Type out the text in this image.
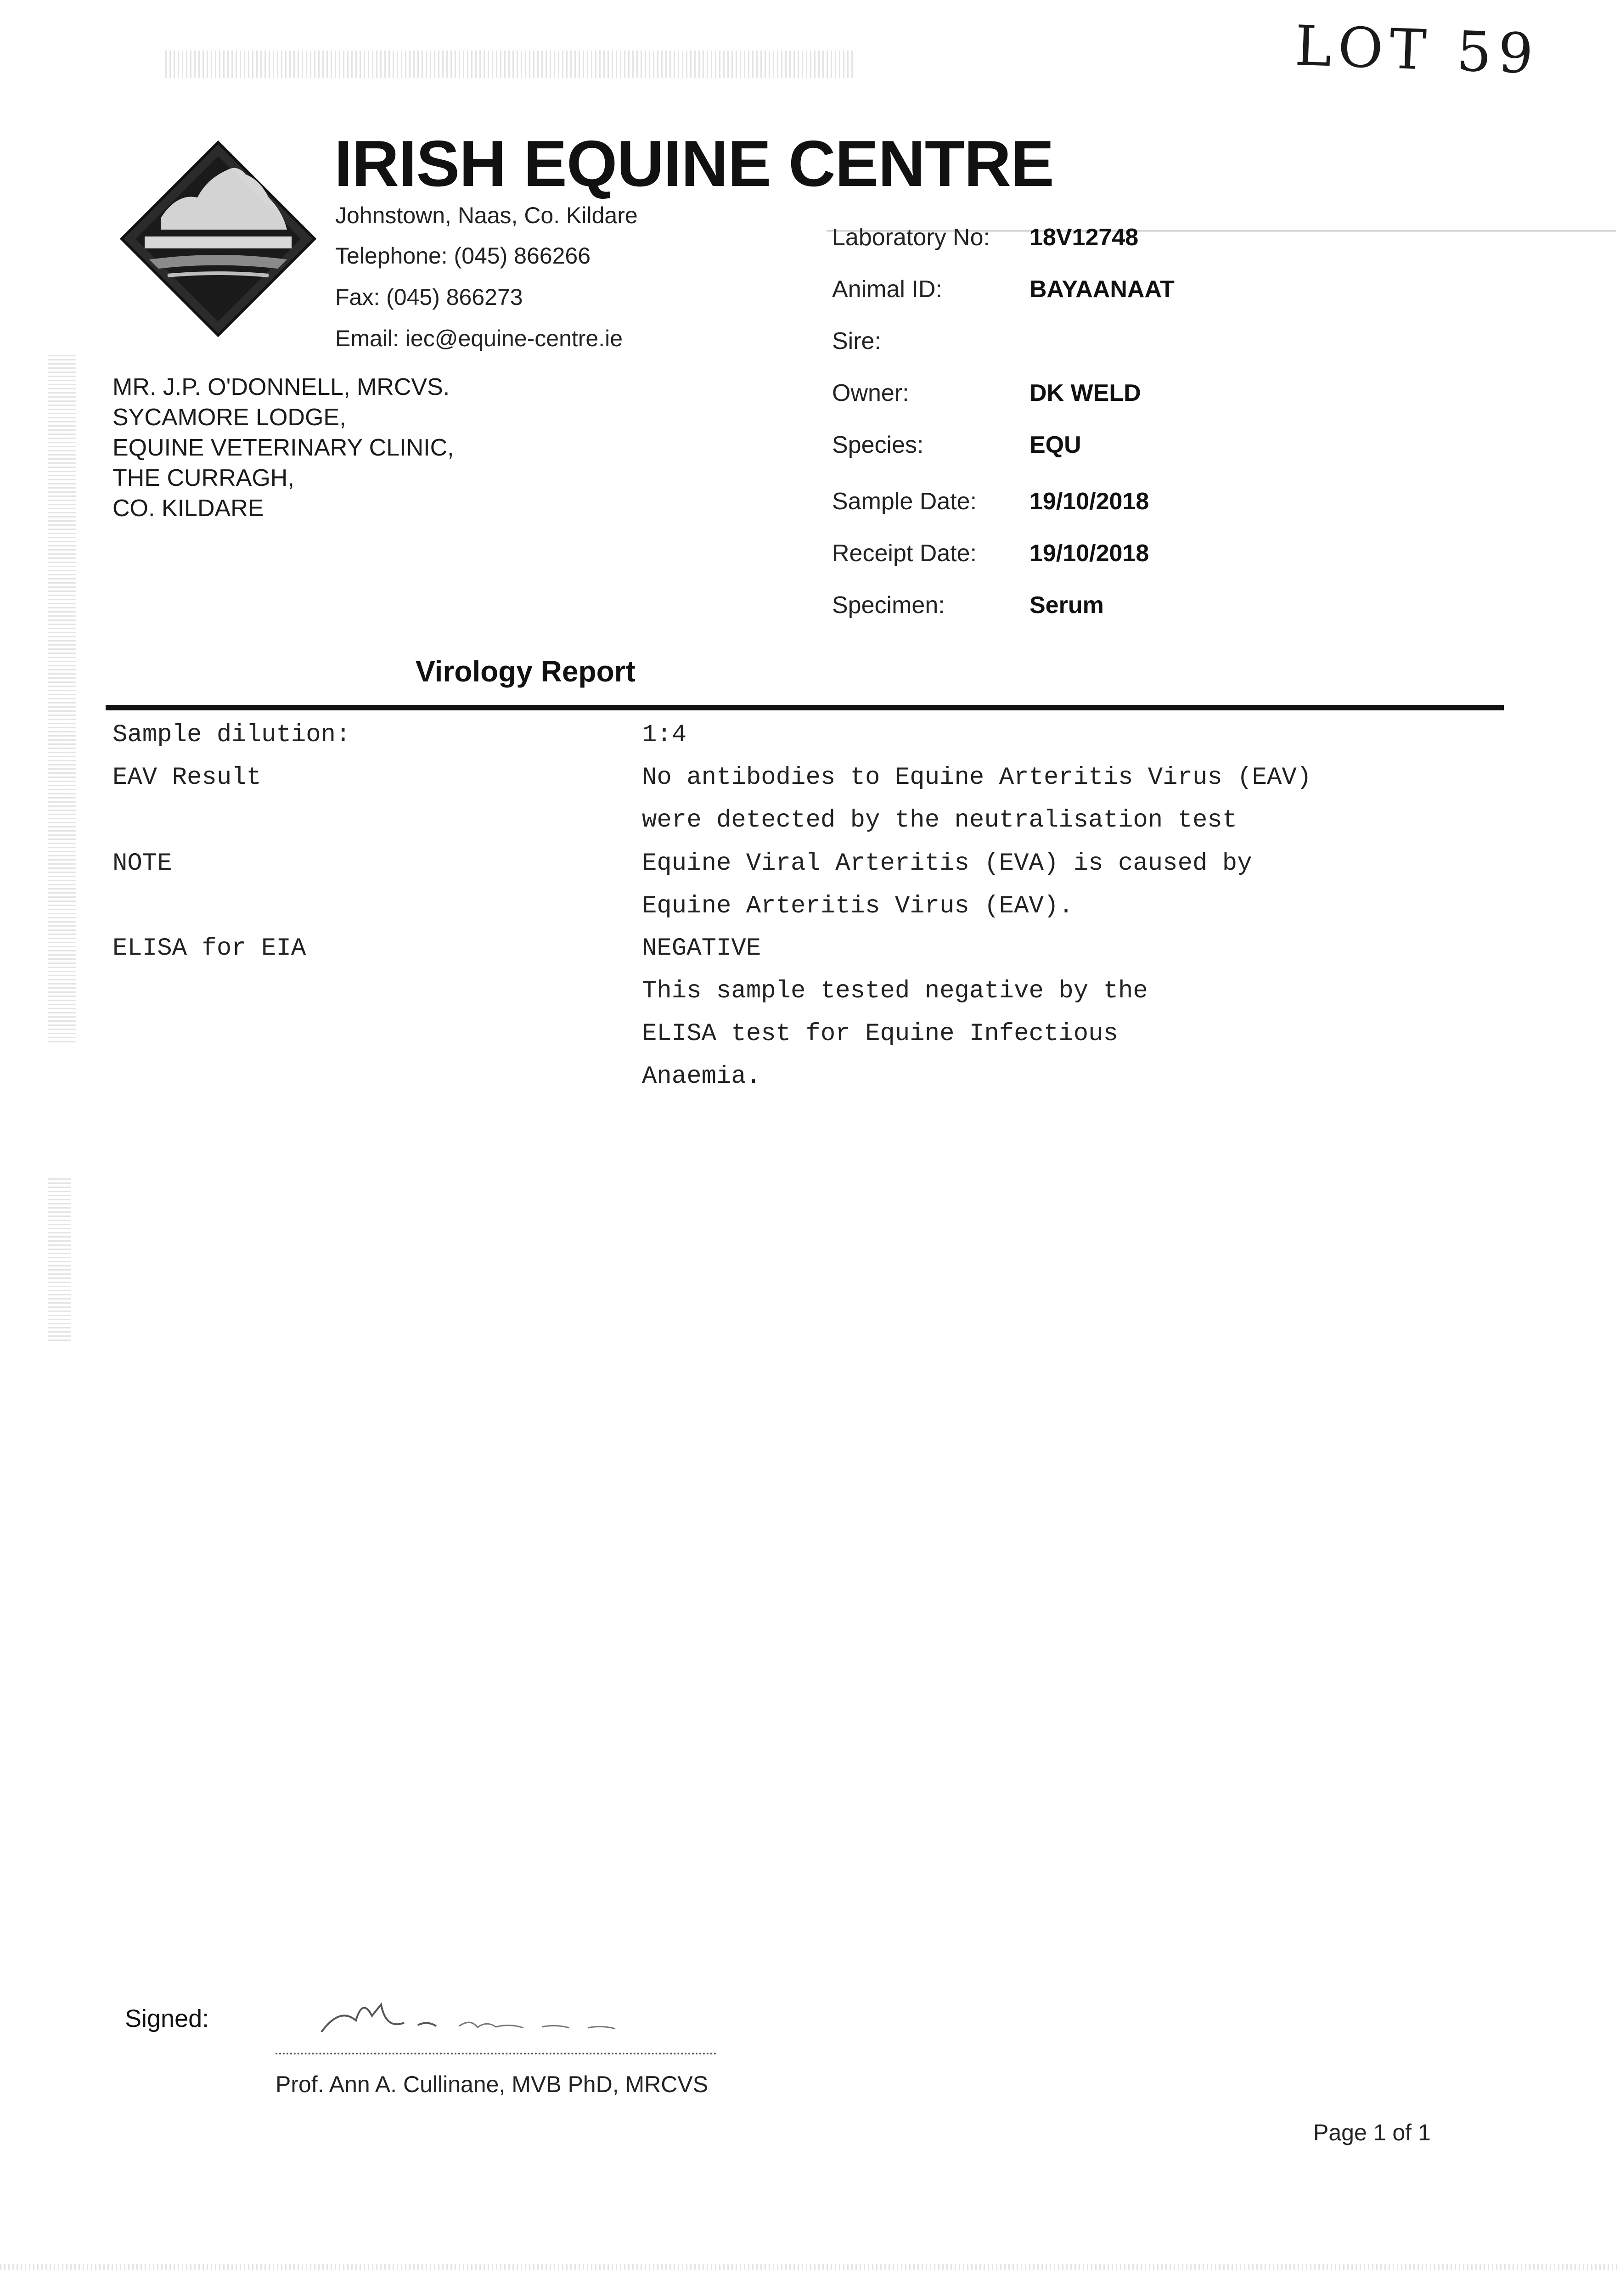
LOT 59
IRISH EQUINE CENTRE
Johnstown, Naas, Co. Kildare
Telephone: (045) 866266
Fax: (045) 866273
Email: iec@equine-centre.ie
MR. J.P. O'DONNELL, MRCVS.
SYCAMORE LODGE,
EQUINE VETERINARY CLINIC,
THE CURRAGH,
CO. KILDARE
Laboratory No: 18V12748
Animal ID:	BAYAANAAT
Sire:
Owner:	DK WELD
Species:	EQU
Sample Date: 19/10/2018
Receipt Date: 19/10/2018
Specimen:	Serum
Virology Report
Sample dilution:	1:4
EAV Result	No antibodies to Equine Arteritis Virus (EAV)
were detected by the neutralisation test
NOTE	Equine Viral Arteritis (EVA) is caused by
Equine Arteritis Virus (EAV).
ELISA for EIA	NEGATIVE
This sample tested negative by the
ELISA test for Equine Infectious
Anaemia.
Signed:
Prof. Ann A. Cullinane, MVB PhD, MRCVS
Page 1 of 1
